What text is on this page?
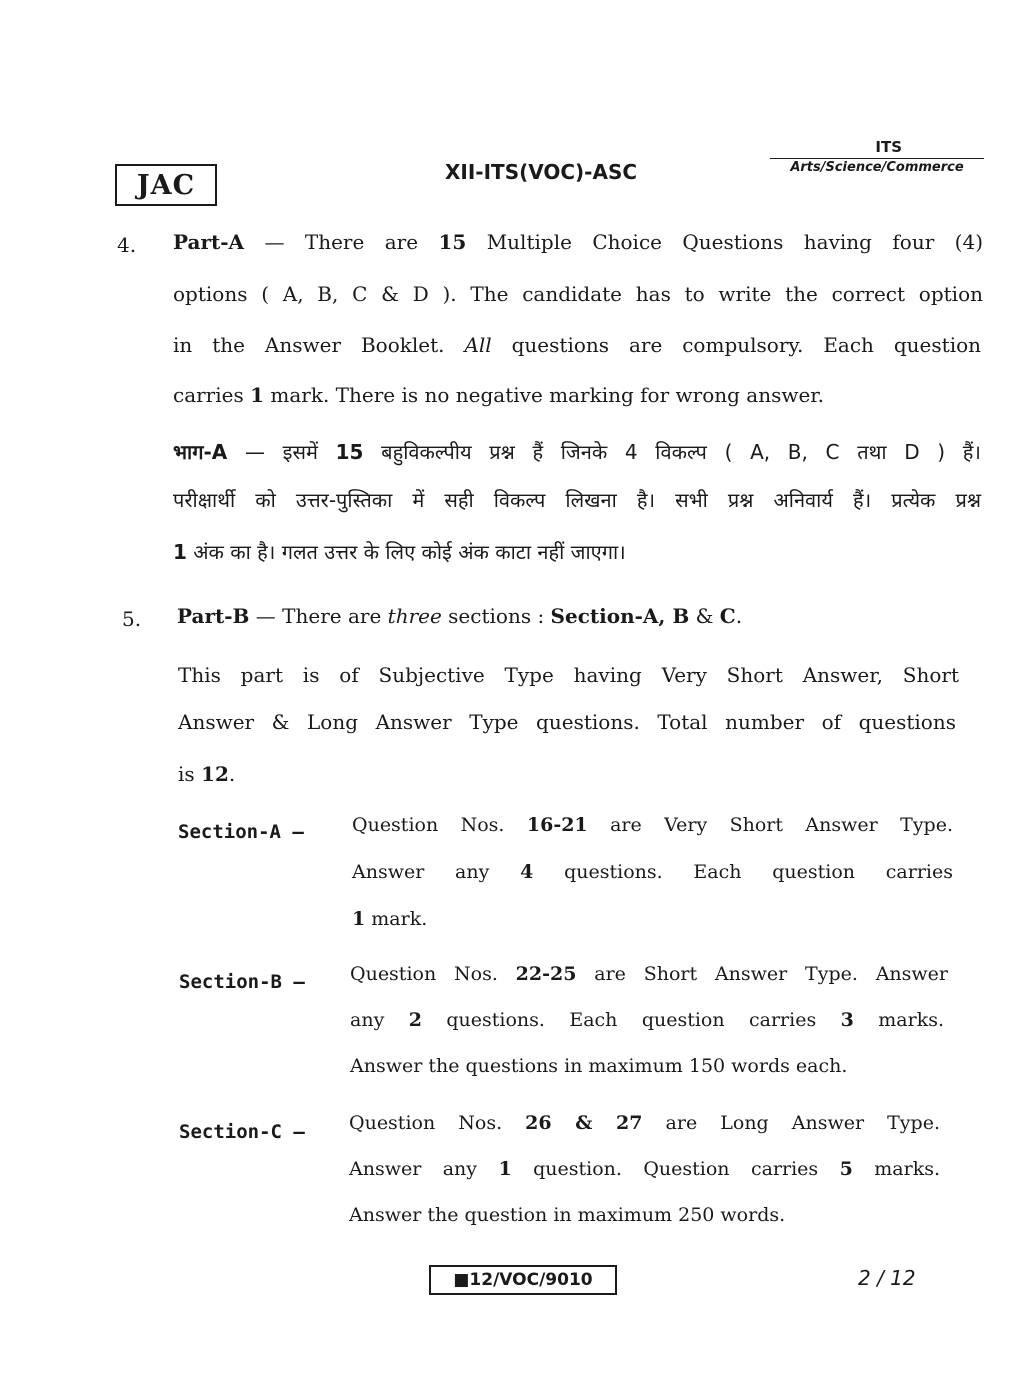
JAC	XII-ITS(VOC)-ASC
ITS
Arts/Science/Commerce
4. Part-A — There are 15 Multiple Choice Questions having four (4)
options ( A, B, C & D ). The candidate has to write the correct option
in the Answer Booklet. All questions are compulsory. Each question
carries 1 mark. There is no negative marking for wrong answer.
भाग-A — इसमें 15 बहुविकल्पीय प्रश्न हैं जिनके 4 विकल्प ( A, B, C तथा D ) हैं।
परीक्षार्थी को उत्तर-पुस्तिका में सही विकल्प लिखना है। सभी प्रश्न अनिवार्य हैं। प्रत्येक प्रश्न
1 अंक का है। गलत उत्तर के लिए कोई अंक काटा नहीं जाएगा।
5. Part-B — There are three sections : Section-A, B & C.
This part is of Subjective Type having Very Short Answer, Short
Answer & Long Answer Type questions. Total number of questions
is 12.
Section-A —	Question Nos. 16-21 are Very Short Answer Type.
Answer any 4 questions. Each question carries
1 mark.
Section-B — Question Nos. 22-25 are Short Answer Type. Answer
any 2 questions. Each question carries 3 marks.
Answer the questions in maximum 150 words each.
Section-C — Question Nos. 26 & 27 are Long Answer Type.
Answer any 1 question. Question carries 5 marks.
Answer the question in maximum 250 words.
■12/VOC/9010	2 / 12
